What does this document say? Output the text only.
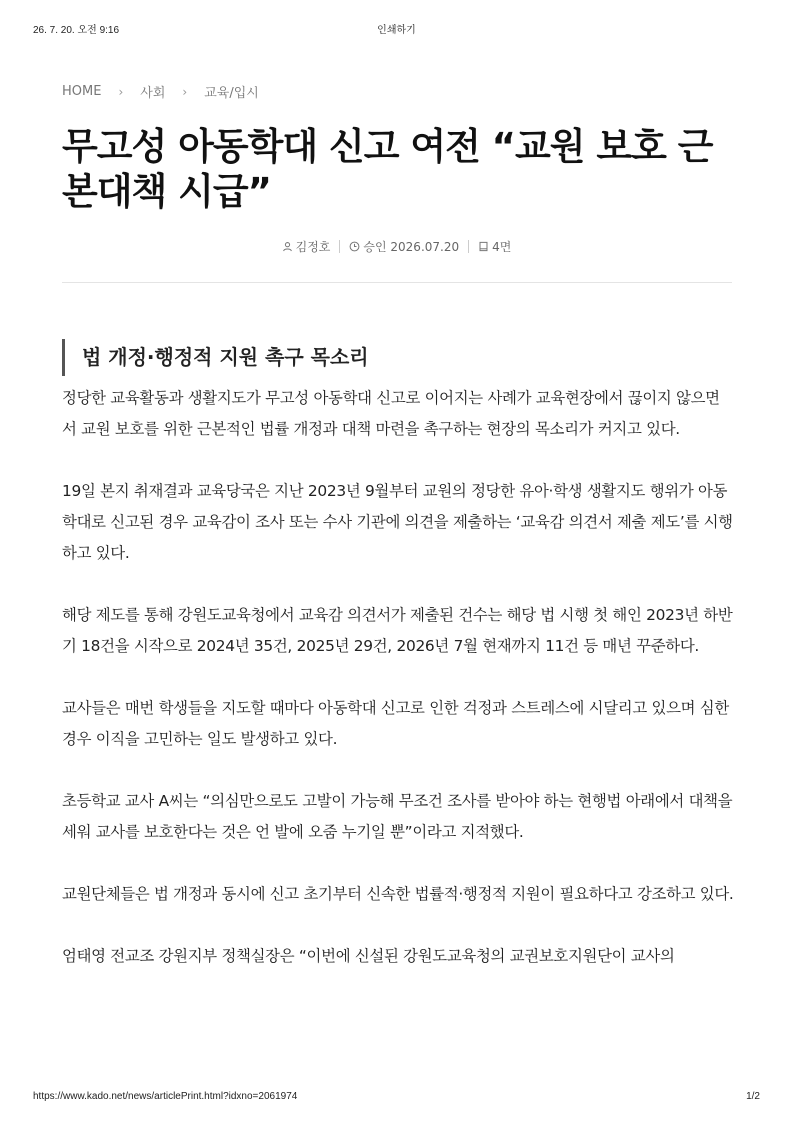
26. 7. 20. 오전 9:16	인쇄하기
HOME › 사회 › 교육/입시
무고성 아동학대 신고 여전 “교원 보호 근본대책 시급”
김정호	승인 2026.07.20	4면
법 개정·행정적 지원 촉구 목소리

정당한 교육활동과 생활지도가 무고성 아동학대 신고로 이어지는 사례가 교육현장에서 끊이지 않으면서 교원 보호를 위한 근본적인 법률 개정과 대책 마련을 촉구하는 현장의 목소리가 커지고 있다.

19일 본지 취재결과 교육당국은 지난 2023년 9월부터 교원의 정당한 유아·학생 생활지도 행위가 아동학대로 신고된 경우 교육감이 조사 또는 수사 기관에 의견을 제출하는 ‘교육감 의견서 제출 제도’를 시행하고 있다.

해당 제도를 통해 강원도교육청에서 교육감 의견서가 제출된 건수는 해당 법 시행 첫 해인 2023년 하반기 18건을 시작으로 2024년 35건, 2025년 29건, 2026년 7월 현재까지 11건 등 매년 꾸준하다.

교사들은 매번 학생들을 지도할 때마다 아동학대 신고로 인한 걱정과 스트레스에 시달리고 있으며 심한 경우 이직을 고민하는 일도 발생하고 있다.

초등학교 교사 A씨는 “의심만으로도 고발이 가능해 무조건 조사를 받아야 하는 현행법 아래에서 대책을 세워 교사를 보호한다는 것은 언 발에 오줌 누기일 뿐”이라고 지적했다.

교원단체들은 법 개정과 동시에 신고 초기부터 신속한 법률적·행정적 지원이 필요하다고 강조하고 있다.

엄태영 전교조 강원지부 정책실장은 “이번에 신설된 강원도교육청의 교권보호지원단이 교사의

https://www.kado.net/news/articlePrint.html?idxno=2061974	1/2
